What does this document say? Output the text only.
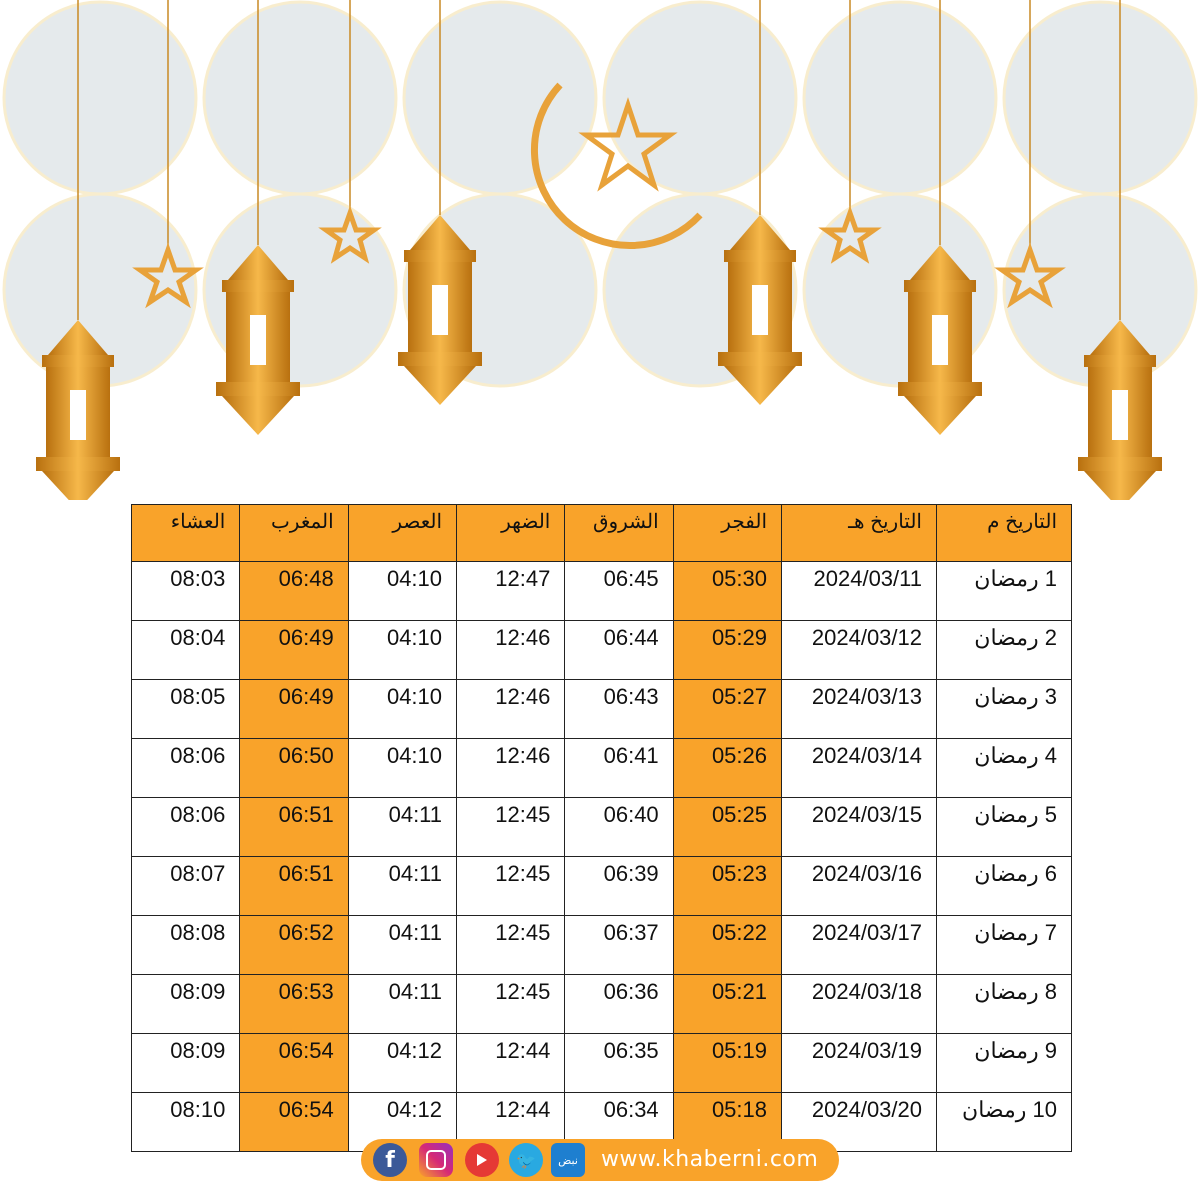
التاريخ م	التاريخ هـ	الفجر	الشروق	الضهر	العصر	المغرب	العشاء
1 رمضان	2024/03/11	05:30	06:45	12:47	04:10	06:48	08:03
2 رمضان	2024/03/12	05:29	06:44	12:46	04:10	06:49	08:04
3 رمضان	2024/03/13	05:27	06:43	12:46	04:10	06:49	08:05
4 رمضان	2024/03/14	05:26	06:41	12:46	04:10	06:50	08:06
5 رمضان	2024/03/15	05:25	06:40	12:45	04:11	06:51	08:06
6 رمضان	2024/03/16	05:23	06:39	12:45	04:11	06:51	08:07
7 رمضان	2024/03/17	05:22	06:37	12:45	04:11	06:52	08:08
8 رمضان	2024/03/18	05:21	06:36	12:45	04:11	06:53	08:09
9 رمضان	2024/03/19	05:19	06:35	12:44	04:12	06:54	08:09
10 رمضان	2024/03/20	05:18	06:34	12:44	04:12	06:54	08:10
f	🐦	نبض	www.khaberni.com
